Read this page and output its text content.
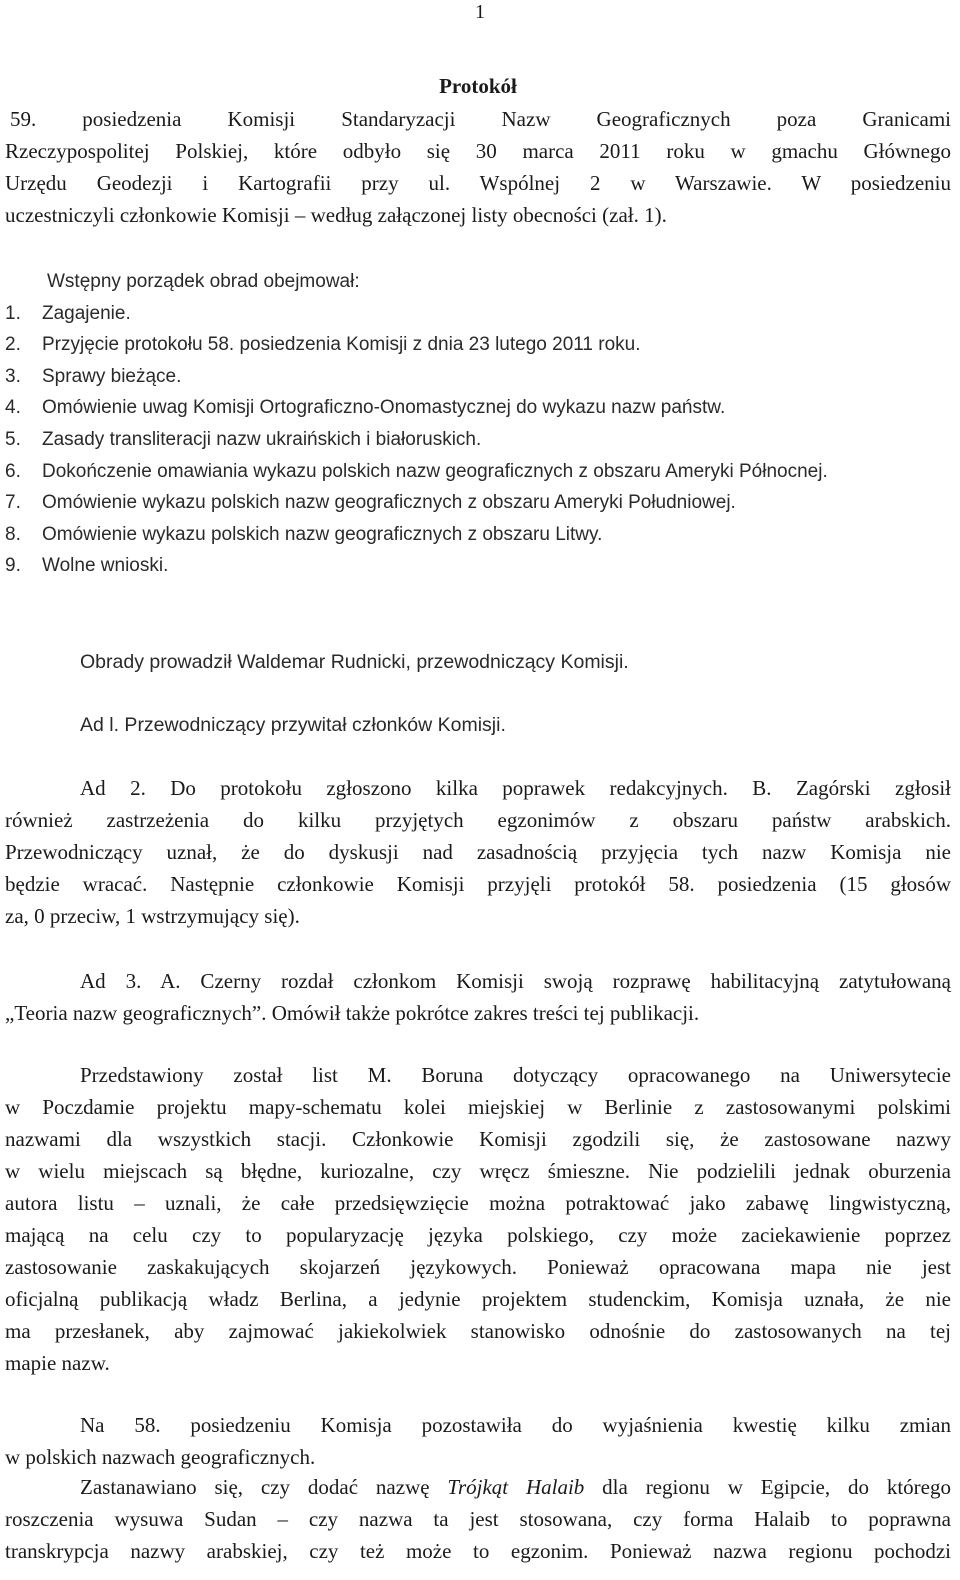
1
Protokół
59. posiedzenia Komisji Standaryzacji Nazw Geograficznych poza Granicami
Rzeczypospolitej Polskiej, które odbyło się 30 marca 2011 roku w gmachu Głównego
Urzędu Geodezji i Kartografii przy ul. Wspólnej 2 w Warszawie. W posiedzeniu
uczestniczyli członkowie Komisji – według załączonej listy obecności (zał. 1).
Wstępny porządek obrad obejmował:
1. Zagajenie.
2. Przyjęcie protokołu 58. posiedzenia Komisji z dnia 23 lutego 2011 roku.
3. Sprawy bieżące.
4. Omówienie uwag Komisji Ortograficzno-Onomastycznej do wykazu nazw państw.
5. Zasady transliteracji nazw ukraińskich i białoruskich.
6. Dokończenie omawiania wykazu polskich nazw geograficznych z obszaru Ameryki Północnej.
7. Omówienie wykazu polskich nazw geograficznych z obszaru Ameryki Południowej.
8. Omówienie wykazu polskich nazw geograficznych z obszaru Litwy.
9. Wolne wnioski.
Obrady prowadził Waldemar Rudnicki, przewodniczący Komisji.
Ad l. Przewodniczący przywitał członków Komisji.
Ad 2. Do protokołu zgłoszono kilka poprawek redakcyjnych. B. Zagórski zgłosił
również zastrzeżenia do kilku przyjętych egzonimów z obszaru państw arabskich.
Przewodniczący uznał, że do dyskusji nad zasadnością przyjęcia tych nazw Komisja nie
będzie wracać. Następnie członkowie Komisji przyjęli protokół 58. posiedzenia (15 głosów
za, 0 przeciw, 1 wstrzymujący się).
Ad 3. A. Czerny rozdał członkom Komisji swoją rozprawę habilitacyjną zatytułowaną
„Teoria nazw geograficznych”. Omówił także pokrótce zakres treści tej publikacji.
Przedstawiony został list M. Boruna dotyczący opracowanego na Uniwersytecie
w Poczdamie projektu mapy-schematu kolei miejskiej w Berlinie z zastosowanymi polskimi
nazwami dla wszystkich stacji. Członkowie Komisji zgodzili się, że zastosowane nazwy
w wielu miejscach są błędne, kuriozalne, czy wręcz śmieszne. Nie podzielili jednak oburzenia
autora listu – uznali, że całe przedsięwzięcie można potraktować jako zabawę lingwistyczną,
mającą na celu czy to popularyzację języka polskiego, czy może zaciekawienie poprzez
zastosowanie zaskakujących skojarzeń językowych. Ponieważ opracowana mapa nie jest
oficjalną publikacją władz Berlina, a jedynie projektem studenckim, Komisja uznała, że nie
ma przesłanek, aby zajmować jakiekolwiek stanowisko odnośnie do zastosowanych na tej
mapie nazw.
Na 58. posiedzeniu Komisja pozostawiła do wyjaśnienia kwestię kilku zmian
w polskich nazwach geograficznych.
Zastanawiano się, czy dodać nazwę Trójkąt Halaib dla regionu w Egipcie, do którego
roszczenia wysuwa Sudan – czy nazwa ta jest stosowana, czy forma Halaib to poprawna
transkrypcja nazwy arabskiej, czy też może to egzonim. Ponieważ nazwa regionu pochodzi
